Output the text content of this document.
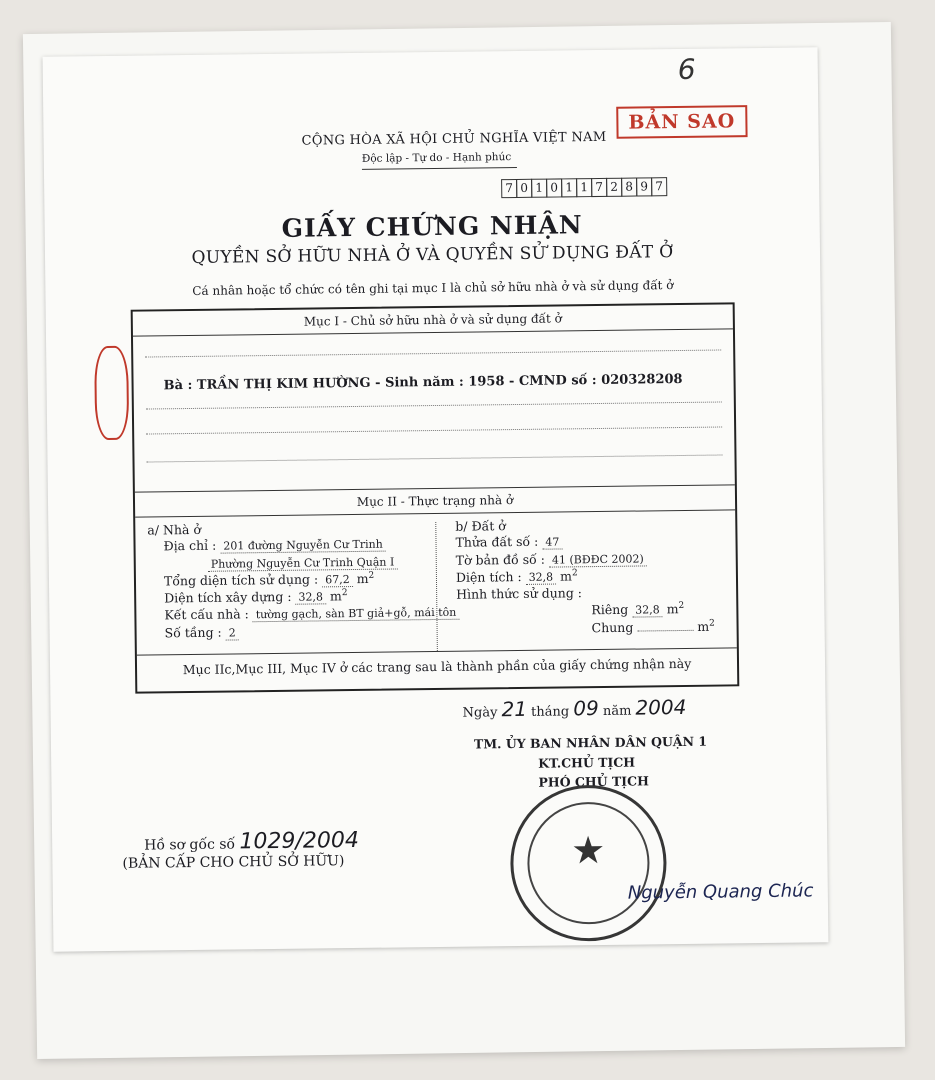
6
CỘNG HÒA XÃ HỘI CHỦ NGHĨA VIỆT NAM
Độc lập - Tự do - Hạnh phúc
BẢN SAO
7 0 1 0 1 1 7 2 8 9 7
GIẤY CHỨNG NHẬN
QUYỀN SỞ HỮU NHÀ Ở VÀ QUYỀN SỬ DỤNG ĐẤT Ở
Cá nhân hoặc tổ chức có tên ghi tại mục I là chủ sở hữu nhà ở và sử dụng đất ở
Mục I - Chủ sở hữu nhà ở và sử dụng đất ở
Bà : TRẦN THỊ KIM HƯỜNG - Sinh năm : 1958 - CMND số : 020328208
Mục II - Thực trạng nhà ở
a/ Nhà ở
Địa chỉ : 201 đường Nguyễn Cư Trinh
Phường Nguyễn Cư Trinh Quận I
Tổng diện tích sử dụng : 67,2 $m^2$
Diện tích xây dựng : 32,8 $m^2$
Kết cấu nhà : tường gạch, sàn BT giả+gỗ, mái tôn
Số tầng : 2
b/ Đất ở
Thửa đất số : 47
Tờ bản đồ số : 41 (BĐĐC 2002)
Diện tích : 32,8 $m^2$
Hình thức sử dụng :
Riêng 32,8 $m^2$
Chung	$m^2$
Mục IIc,Mục III, Mục IV ở các trang sau là thành phần của giấy chứng nhận này
Ngày 21 tháng 09 năm 2004
TM. ỦY BAN NHÂN DÂN QUẬN 1
KT.CHỦ TỊCH
PHÓ CHỦ TỊCH
★
Hồ sơ gốc số 1029/2004
(BẢN CẤP CHO CHỦ SỞ HỮU)
Nguyễn Quang Chúc
